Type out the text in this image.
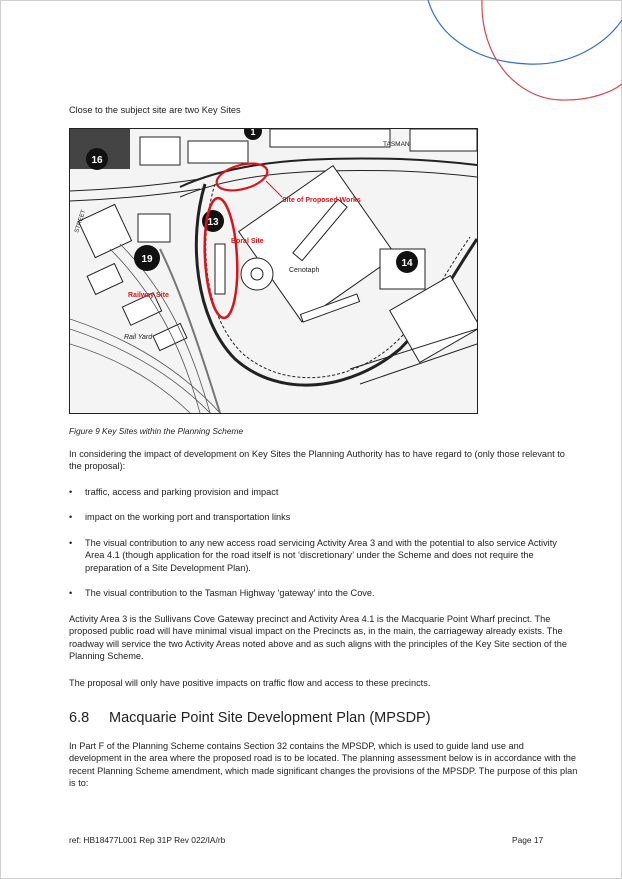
Close to the subject site are two Key Sites
16
13
19	14
1
TASMAN
Site of Proposed Works
Boral Site
Railway Site
Cenotaph
Rail Yard
STREET
Figure 9 Key Sites within the Planning Scheme
In considering the impact of development on Key Sites the Planning Authority has to have regard to (only those relevant to the proposal):
• traffic, access and parking provision and impact
• impact on the working port and transportation links
• The visual contribution to any new access road servicing Activity Area 3 and with the potential to also service Activity Area 4.1 (though application for the road itself is not ‘discretionary’ under the Scheme and does not require the preparation of a Site Development Plan).
• The visual contribution to the Tasman Highway ‘gateway’ into the Cove.
Activity Area 3 is the Sullivans Cove Gateway precinct and Activity Area 4.1 is the Macquarie Point Wharf precinct. The proposed public road will have minimal visual impact on the Precincts as, in the main, the carriageway already exists. The roadway will service the two Activity Areas noted above and as such aligns with the principles of the Key Site section of the Planning Scheme.
The proposal will only have positive impacts on traffic flow and access to these precincts.
6.8 Macquarie Point Site Development Plan (MPSDP)
In Part F of the Planning Scheme contains Section 32 contains the MPSDP, which is used to guide land use and development in the area where the proposed road is to be located. The planning assessment below is in accordance with the recent Planning Scheme amendment, which made significant changes the provisions of the MPSDP. The purpose of this plan is to:
ref: HB18477L001 Rep 31P Rev 022/IA/rb	Page 17
